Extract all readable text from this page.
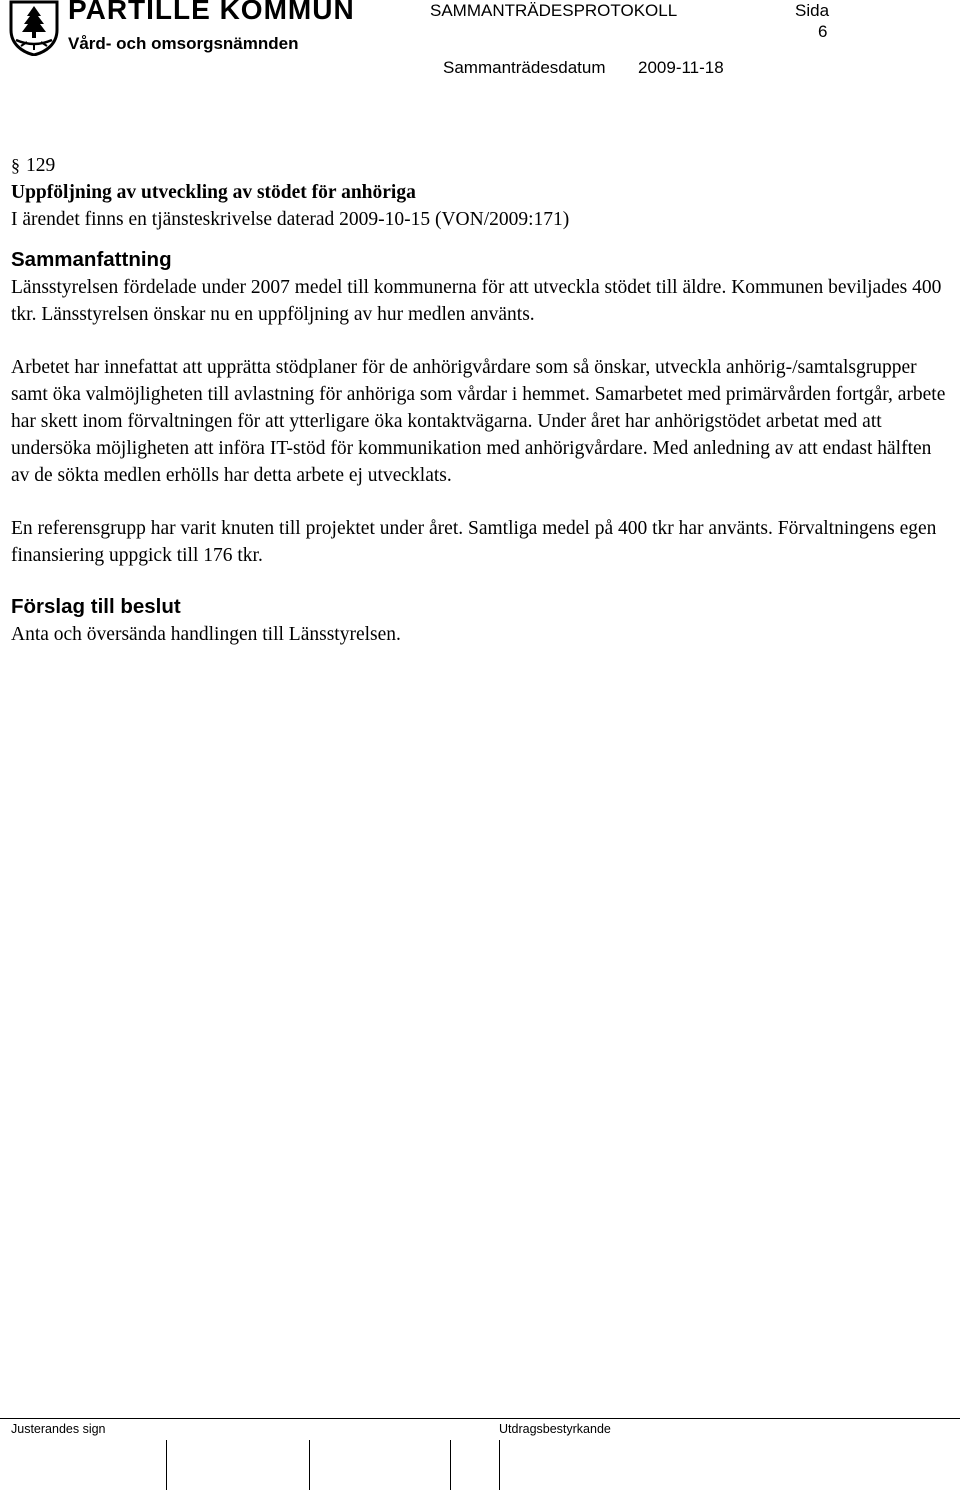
PARTILLE KOMMUN
Vård- och omsorgsnämnden
SAMMANTRÄDESPROTOKOLL	Sida
6
Sammanträdesdatum 2009-11-18

§ 129

Uppföljning av utveckling av stödet för anhöriga

I ärendet finns en tjänsteskrivelse daterad 2009-10-15 (VON/2009:171)

Sammanfattning

Länsstyrelsen fördelade under 2007 medel till kommunerna för att utveckla stödet till äldre. Kommunen beviljades 400 tkr. Länsstyrelsen önskar nu en uppföljning av hur medlen använts.

Arbetet har innefattat att upprätta stödplaner för de anhörigvårdare som så önskar, utveckla anhörig-/samtalsgrupper samt öka valmöjligheten till avlastning för anhöriga som vårdar i hemmet. Samarbetet med primärvården fortgår, arbete har skett inom förvaltningen för att ytterligare öka kontaktvägarna. Under året har anhörigstödet arbetat med att undersöka möjligheten att införa IT-stöd för kommunikation med anhörigvårdare. Med anledning av att endast hälften av de sökta medlen erhölls har detta arbete ej utvecklats.

En referensgrupp har varit knuten till projektet under året. Samtliga medel på 400 tkr har använts. Förvaltningens egen finansiering uppgick till 176 tkr.

Förslag till beslut

Anta och översända handlingen till Länsstyrelsen.

Justerandes sign	Utdragsbestyrkande
